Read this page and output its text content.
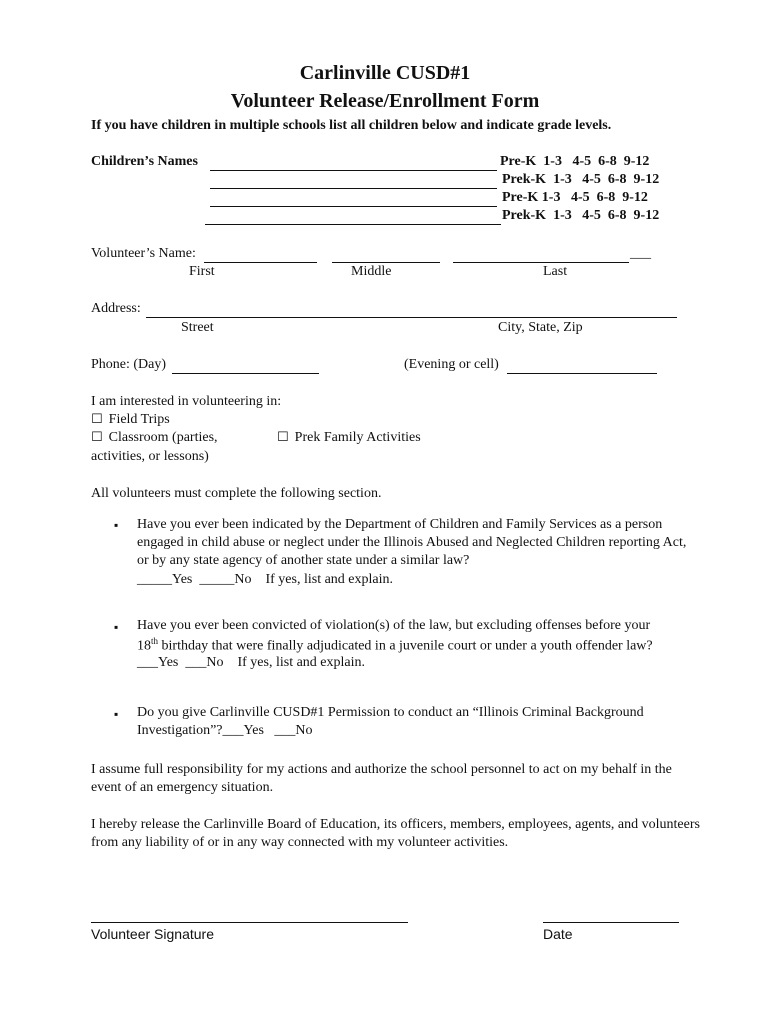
Carlinville CUSD#1
Volunteer Release/Enrollment Form
If you have children in multiple schools list all children below and indicate grade levels.
Children’s Names	Pre-K  1-3   4-5  6-8  9-12
Prek-K  1-3   4-5  6-8  9-12
Pre-K 1-3   4-5  6-8  9-12
Prek-K  1-3   4-5  6-8  9-12
Volunteer’s Name:	___
First	Middle	Last
Address:
Street	City, State, Zip
Phone: (Day)	(Evening or cell)
I am interested in volunteering in:
☐ Field Trips
☐ Classroom (parties,
activities, or lessons)
☐ Prek Family Activities
All volunteers must complete the following section.
▪ Have you ever been indicated by the Department of Children and Family Services as a person engaged in child abuse or neglect under the Illinois Abused and Neglected Children reporting Act, or by any state agency of another state under a similar law?
_____Yes  _____No    If yes, list and explain.
▪ Have you ever been convicted of violation(s) of the law, but excluding offenses before your
18th birthday that were finally adjudicated in a juvenile court or under a youth offender law?
___Yes  ___No    If yes, list and explain.
▪ Do you give Carlinville CUSD#1 Permission to conduct an “Illinois Criminal Background
Investigation”?___Yes   ___No
I assume full responsibility for my actions and authorize the school personnel to act on my behalf in the event of an emergency situation.
I hereby release the Carlinville Board of Education, its officers, members, employees, agents, and volunteers from any liability of or in any way connected with my volunteer activities.
Volunteer Signature	Date
